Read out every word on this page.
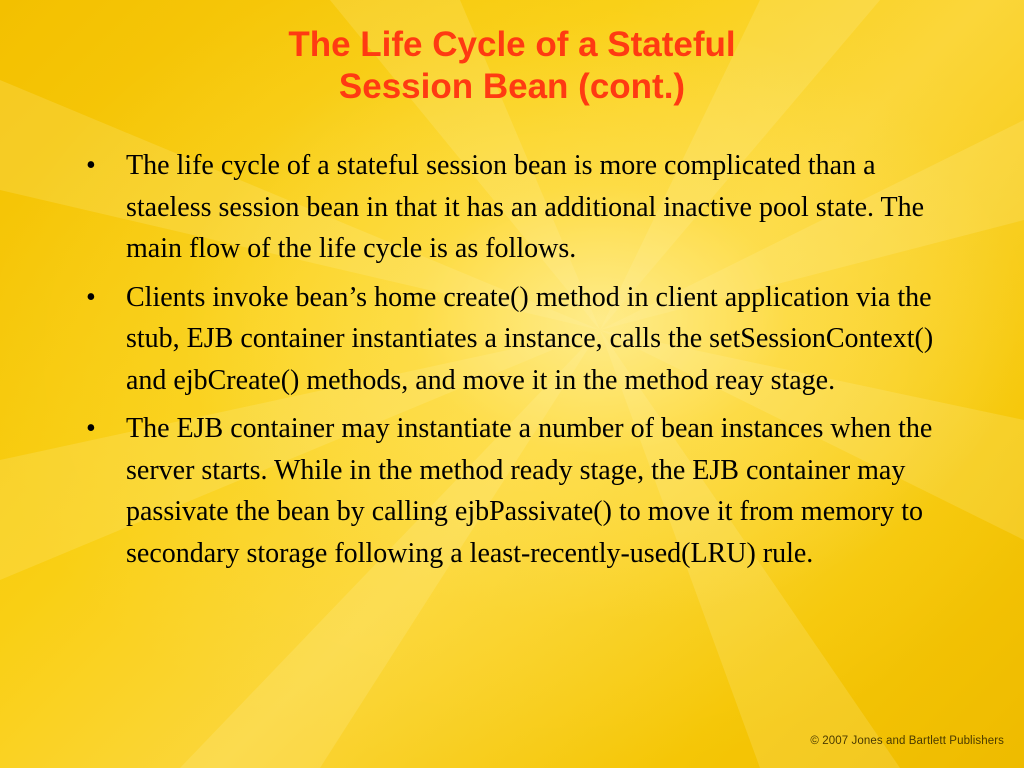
The Life Cycle of a Stateful
Session Bean (cont.)
• The life cycle of a stateful session bean is more complicated than a staeless session bean in that it has an additional inactive pool state. The main flow of the life cycle is as follows.
• Clients invoke bean’s home create() method in client application via the stub, EJB container instantiates a instance, calls the setSessionContext() and ejbCreate() methods, and move it in the method reay stage.
• The EJB container may instantiate a number of bean instances when the server starts. While in the method ready stage, the EJB container may passivate the bean by calling ejbPassivate() to move it from memory to secondary storage following a least-recently-used(LRU) rule.
© 2007 Jones and Bartlett Publishers
